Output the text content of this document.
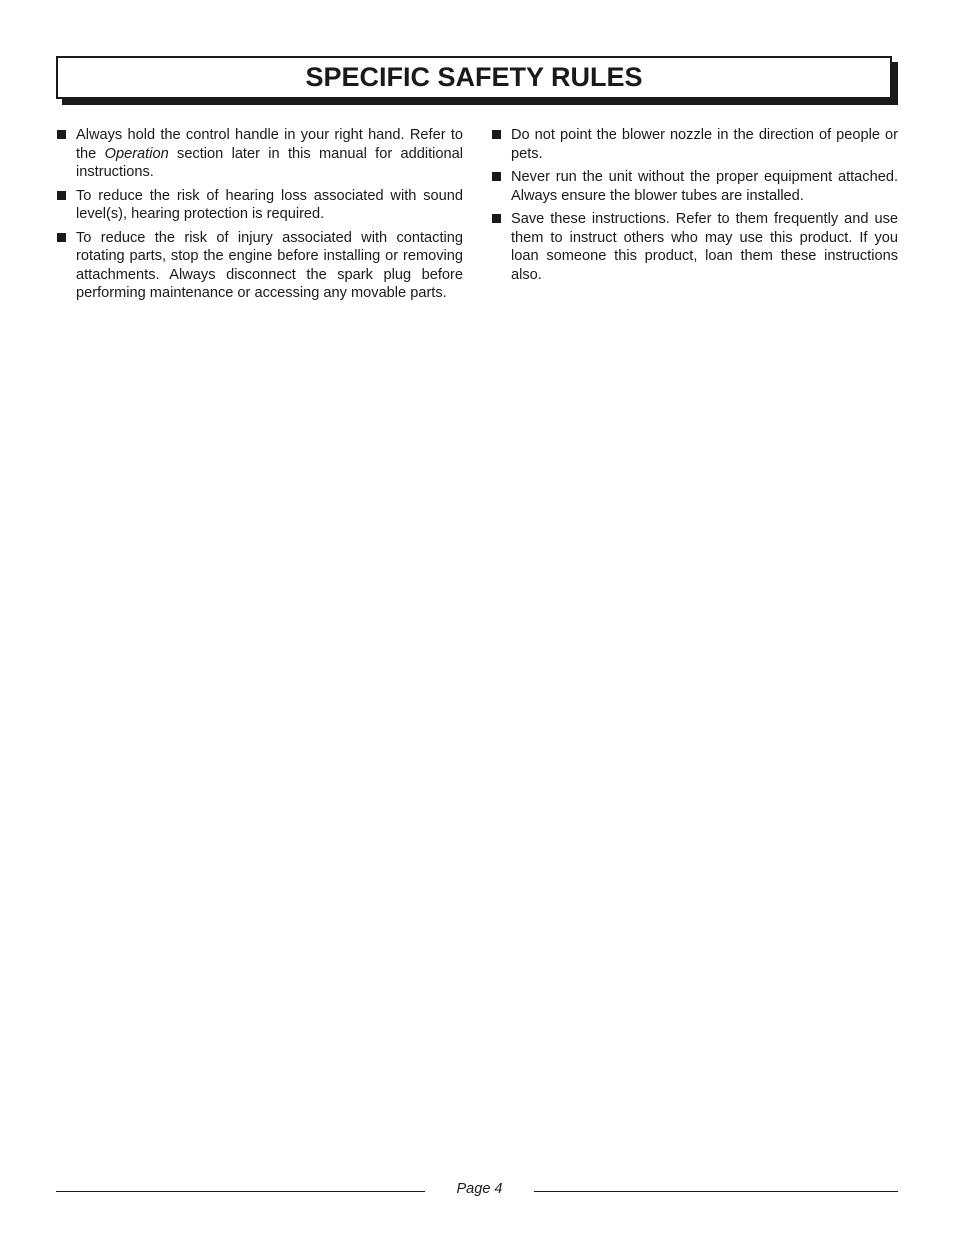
SPECIFIC SAFETY RULES
Always hold the control handle in your right hand. Refer to the Operation section later in this manual for additional instructions.
To reduce the risk of hearing loss associated with sound level(s), hearing protection is required.
To reduce the risk of injury associated with contacting rotating parts, stop the engine before installing or removing attachments. Always disconnect the spark plug before performing maintenance or accessing any movable parts.
Do not point the blower nozzle in the direction of people or pets.
Never run the unit without the proper equipment attached. Always ensure the blower tubes are installed.
Save these instructions. Refer to them frequently and use them to instruct others who may use this product. If you loan someone this product, loan them these instructions also.
Page 4
